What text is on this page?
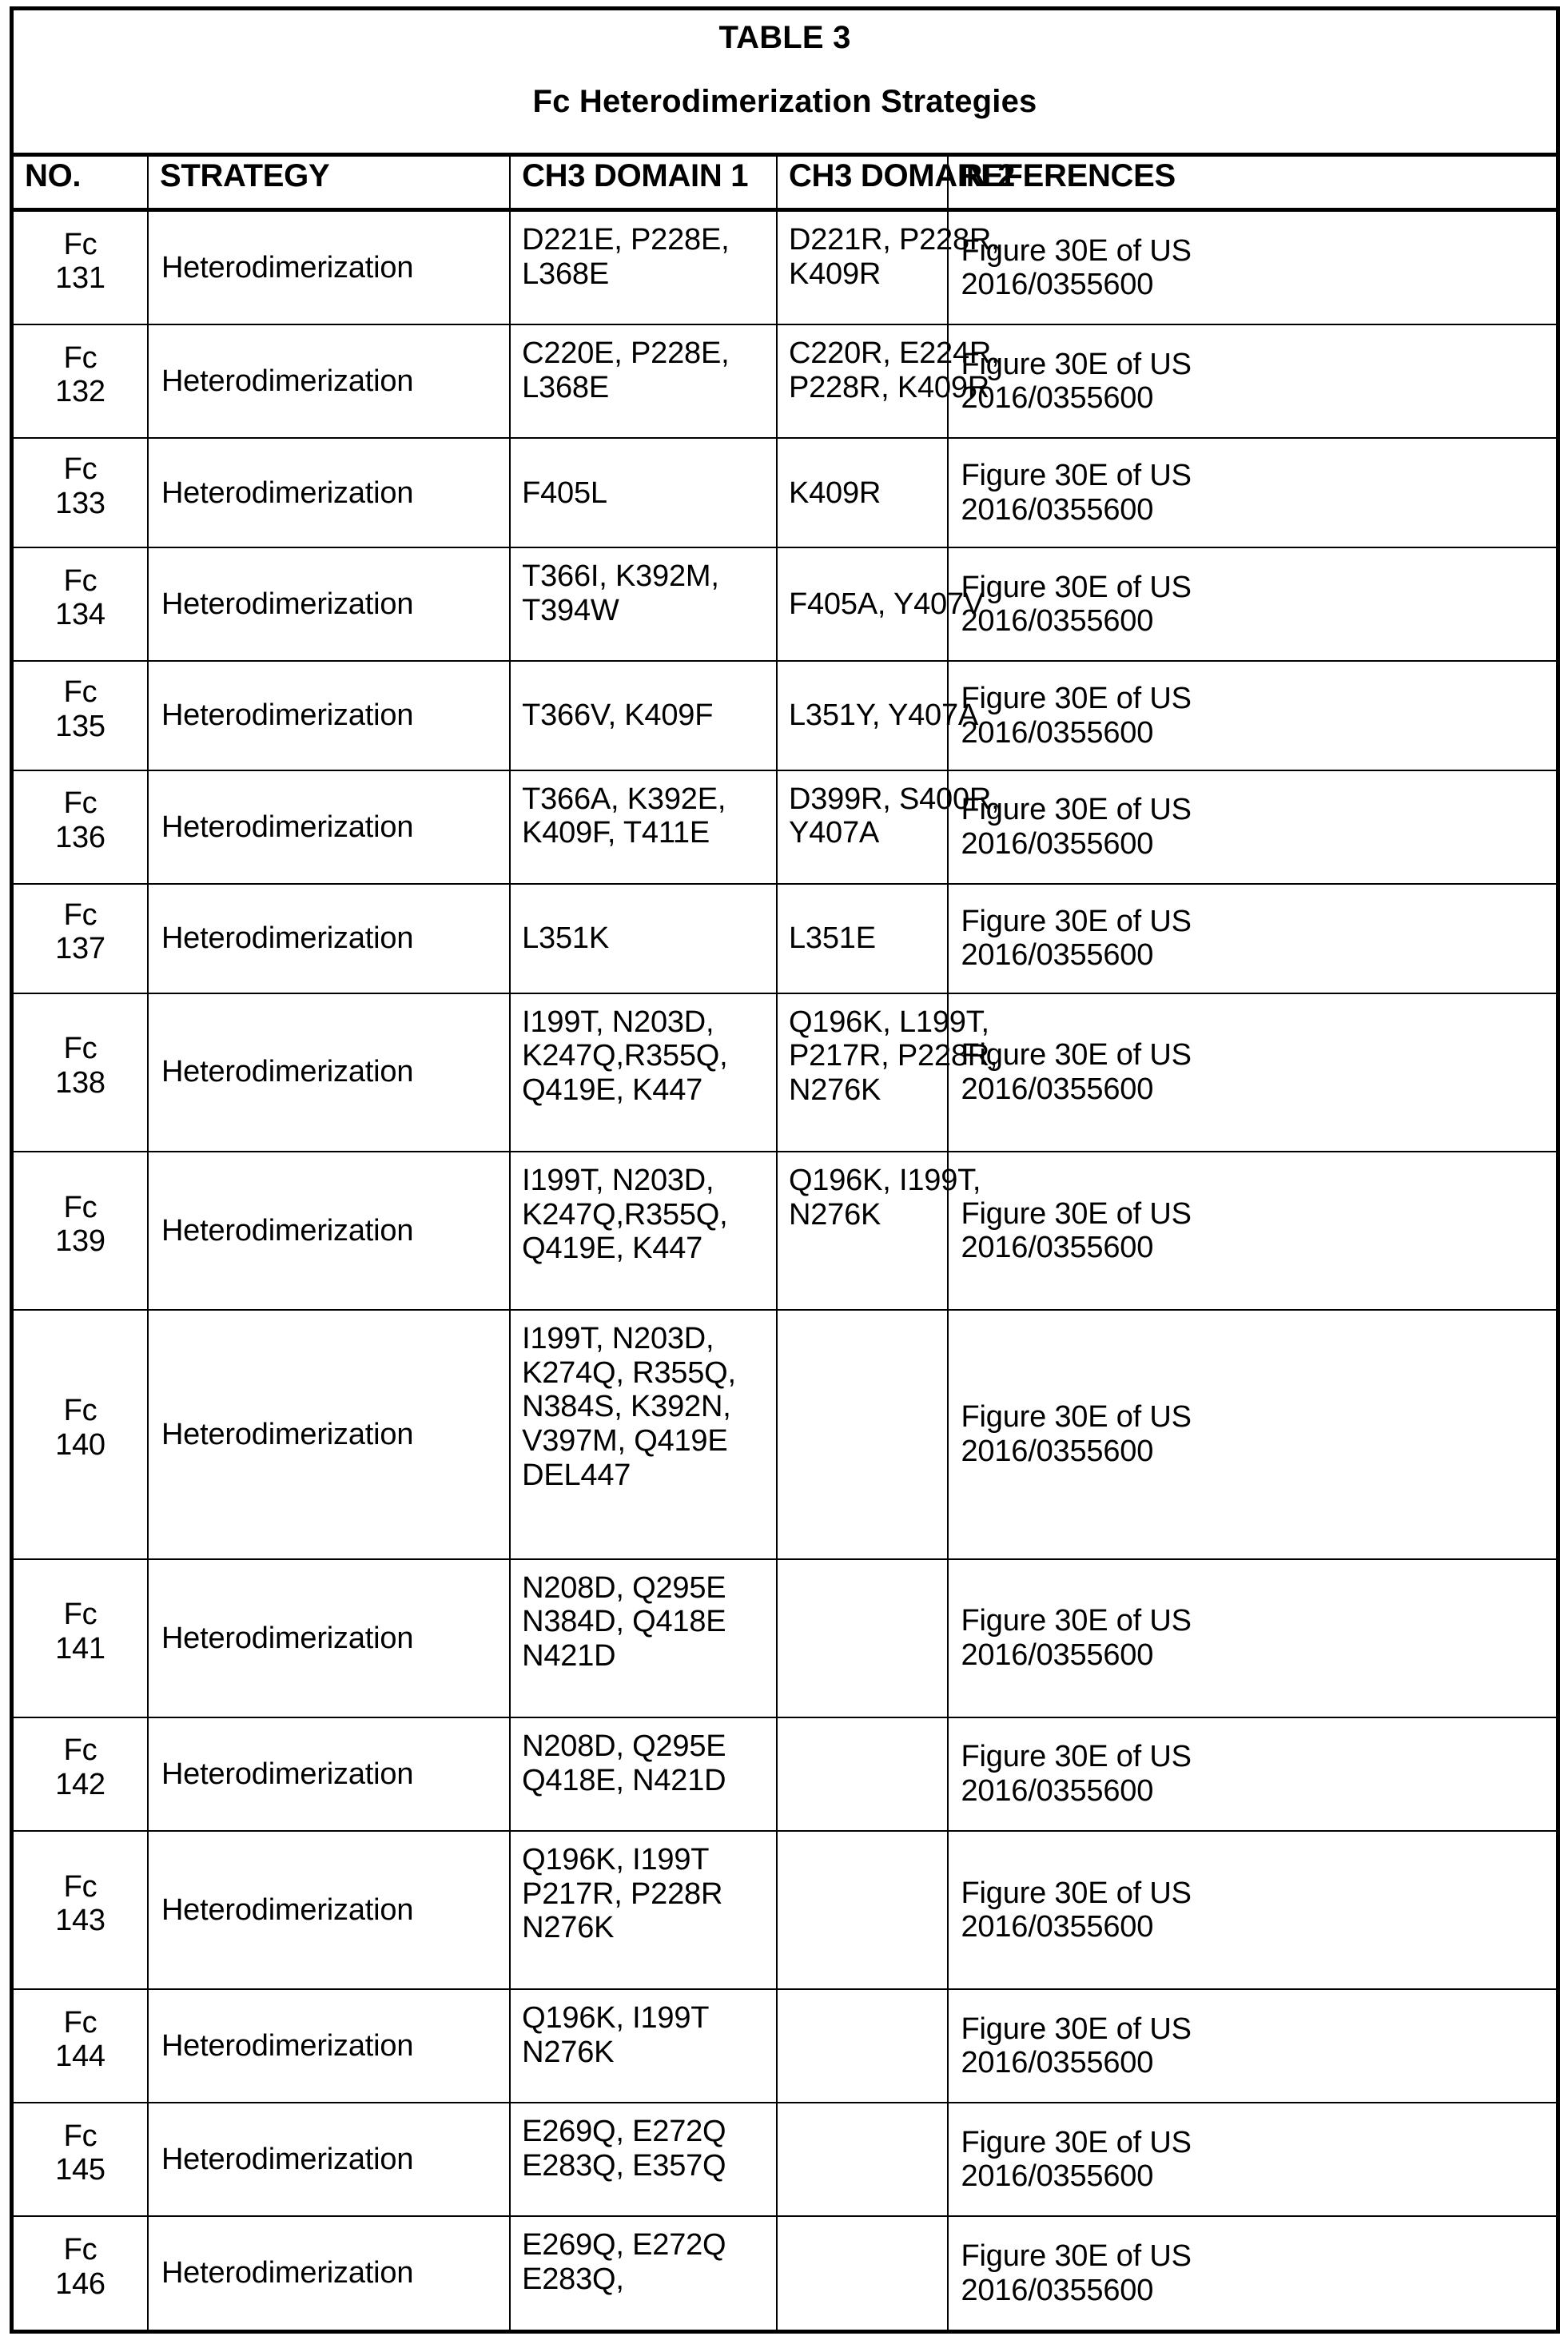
TABLE 3
Fc Heterodimerization Strategies				

NO.	STRATEGY	CH3 DOMAIN 1	CH3 DOMAIN 2	REFERENCES

Fc
131	Heterodimerization	D221E, P228E,
L368E	D221R, P228R,
K409R	Figure 30E of US
2016/0355600

Fc
132	Heterodimerization	C220E, P228E,
L368E	C220R, E224R,
P228R, K409R	Figure 30E of US
2016/0355600

Fc
133	Heterodimerization	F405L	K409R	Figure 30E of US
2016/0355600

Fc
134	Heterodimerization	T366I, K392M,
T394W	F405A, Y407V	Figure 30E of US
2016/0355600

Fc
135	Heterodimerization	T366V, K409F	L351Y, Y407A	Figure 30E of US
2016/0355600

Fc
136	Heterodimerization	T366A, K392E,
K409F, T411E	D399R, S400R,
Y407A	Figure 30E of US
2016/0355600

Fc
137	Heterodimerization	L351K	L351E	Figure 30E of US
2016/0355600

Fc
138	Heterodimerization	I199T, N203D,
K247Q,R355Q,
Q419E, K447	Q196K, L199T,
P217R, P228R,
N276K	Figure 30E of US
2016/0355600

Fc
139	Heterodimerization	I199T, N203D,
K247Q,R355Q,
Q419E, K447	Q196K, I199T,
N276K	Figure 30E of US
2016/0355600

Fc
140	Heterodimerization	I199T, N203D,
K274Q, R355Q,
N384S, K392N,
V397M, Q419E
DEL447		Figure 30E of US
2016/0355600

Fc
141	Heterodimerization	N208D, Q295E
N384D, Q418E
N421D		Figure 30E of US
2016/0355600

Fc
142	Heterodimerization	N208D, Q295E
Q418E, N421D		Figure 30E of US
2016/0355600

Fc
143	Heterodimerization	Q196K, I199T
P217R, P228R
N276K		Figure 30E of US
2016/0355600

Fc
144	Heterodimerization	Q196K, I199T
N276K		Figure 30E of US
2016/0355600

Fc
145	Heterodimerization	E269Q, E272Q
E283Q, E357Q		Figure 30E of US
2016/0355600

Fc
146	Heterodimerization	E269Q, E272Q
E283Q,		Figure 30E of US
2016/0355600
